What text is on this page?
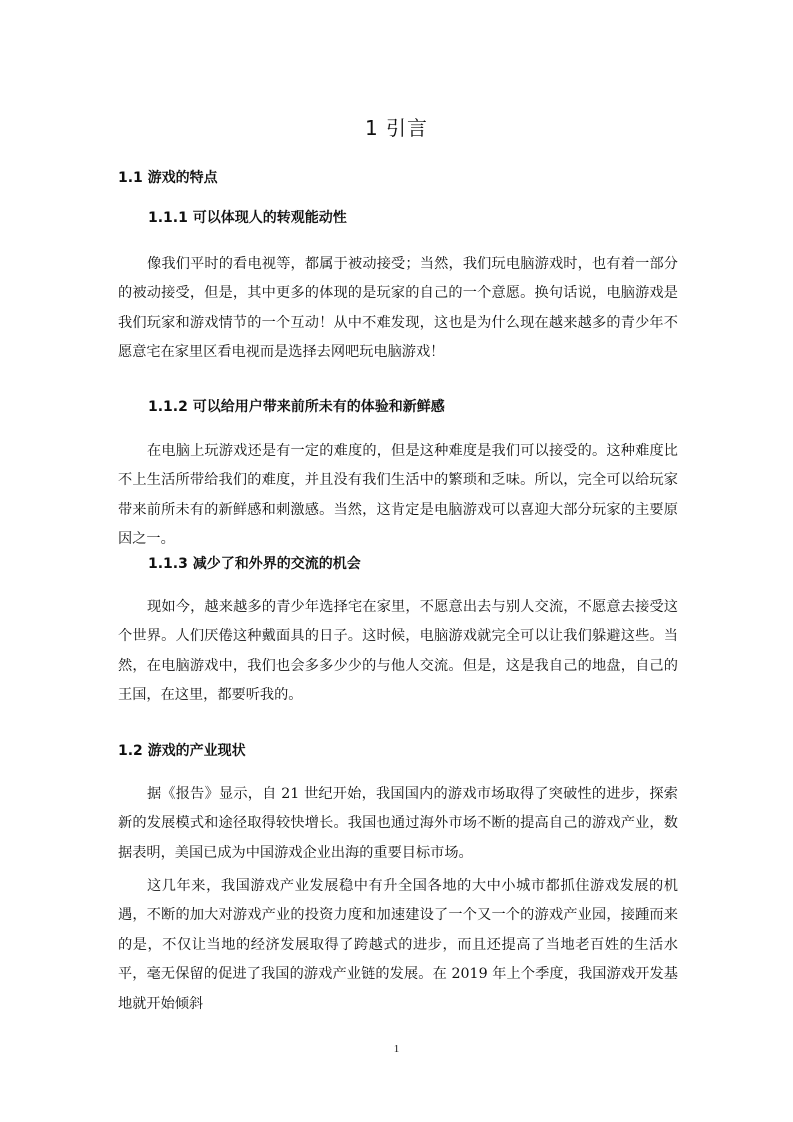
1 引言
1.1 游戏的特点
1.1.1 可以体现人的转观能动性

像我们平时的看电视等，都属于被动接受；当然，我们玩电脑游戏时，也有着一部分的被动接受，但是，其中更多的体现的是玩家的自己的一个意愿。换句话说，电脑游戏是我们玩家和游戏情节的一个互动！从中不难发现，这也是为什么现在越来越多的青少年不愿意宅在家里区看电视而是选择去网吧玩电脑游戏！

1.1.2 可以给用户带来前所未有的体验和新鲜感

在电脑上玩游戏还是有一定的难度的，但是这种难度是我们可以接受的。这种难度比不上生活所带给我们的难度，并且没有我们生活中的繁琐和乏味。所以，完全可以给玩家带来前所未有的新鲜感和刺激感。当然，这肯定是电脑游戏可以喜迎大部分玩家的主要原因之一。

1.1.3 减少了和外界的交流的机会

现如今，越来越多的青少年选择宅在家里，不愿意出去与别人交流，不愿意去接受这个世界。人们厌倦这种戴面具的日子。这时候，电脑游戏就完全可以让我们躲避这些。当然，在电脑游戏中，我们也会多多少少的与他人交流。但是，这是我自己的地盘，自己的王国，在这里，都要听我的。

1.2 游戏的产业现状

据《报告》显示，自 21 世纪开始，我国国内的游戏市场取得了突破性的进步，探索新的发展模式和途径取得较快增长。我国也通过海外市场不断的提高自己的游戏产业，数据表明，美国已成为中国游戏企业出海的重要目标市场。

这几年来，我国游戏产业发展稳中有升全国各地的大中小城市都抓住游戏发展的机遇，不断的加大对游戏产业的投资力度和加速建设了一个又一个的游戏产业园，接踵而来的是，不仅让当地的经济发展取得了跨越式的进步，而且还提高了当地老百姓的生活水平，毫无保留的促进了我国的游戏产业链的发展。在 2019 年上个季度，我国游戏开发基地就开始倾斜

1
